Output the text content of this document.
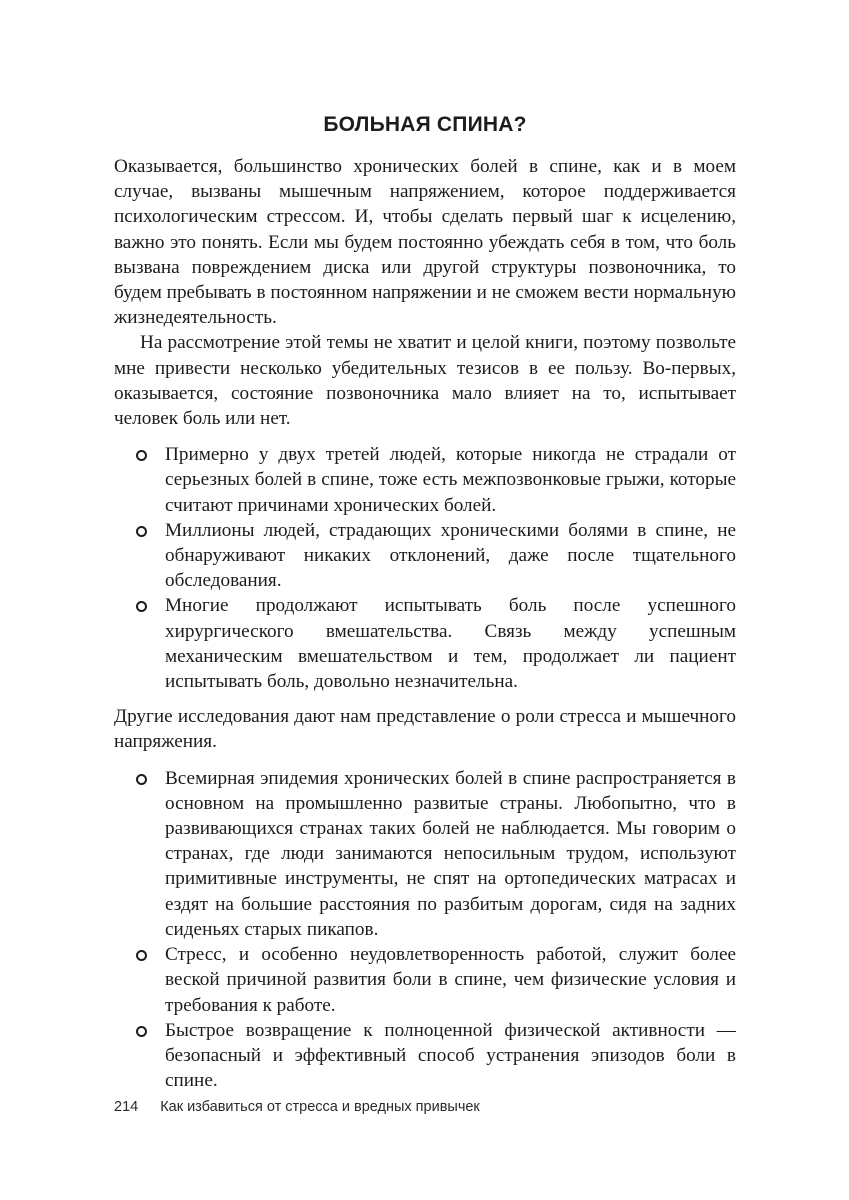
БОЛЬНАЯ СПИНА?

Оказывается, большинство хронических болей в спине, как и в моем случае, вызваны мышечным напряжением, которое поддерживается психологическим стрессом. И, чтобы сделать первый шаг к исцелению, важно это понять. Если мы будем постоянно убеждать себя в том, что боль вызвана повреждением диска или другой структуры позвоночника, то будем пребывать в постоянном напряжении и не сможем вести нормальную жизнедеятельность.

На рассмотрение этой темы не хватит и целой книги, поэтому позвольте мне привести несколько убедительных тезисов в ее пользу. Во-первых, оказывается, состояние позвоночника мало влияет на то, испытывает человек боль или нет.

Примерно у двух третей людей, которые никогда не страдали от серьезных болей в спине, тоже есть межпозвонковые грыжи, которые считают причинами хронических болей.
Миллионы людей, страдающих хроническими болями в спине, не обнаруживают никаких отклонений, даже после тщательного обследования.
Многие продолжают испытывать боль после успешного хирургического вмешательства. Связь между успешным механическим вмешательством и тем, продолжает ли пациент испытывать боль, довольно незначительна.

Другие исследования дают нам представление о роли стресса и мышечного напряжения.

Всемирная эпидемия хронических болей в спине распространяется в основном на промышленно развитые страны. Любопытно, что в развивающихся странах таких болей не наблюдается. Мы говорим о странах, где люди занимаются непосильным трудом, используют примитивные инструменты, не спят на ортопедических матрасах и ездят на большие расстояния по разбитым дорогам, сидя на задних сиденьях старых пикапов.
Стресс, и особенно неудовлетворенность работой, служит более веской причиной развития боли в спине, чем физические условия и требования к работе.
Быстрое возвращение к полноценной физической активности — безопасный и эффективный способ устранения эпизодов боли в спине.
214 Как избавиться от стресса и вредных привычек
